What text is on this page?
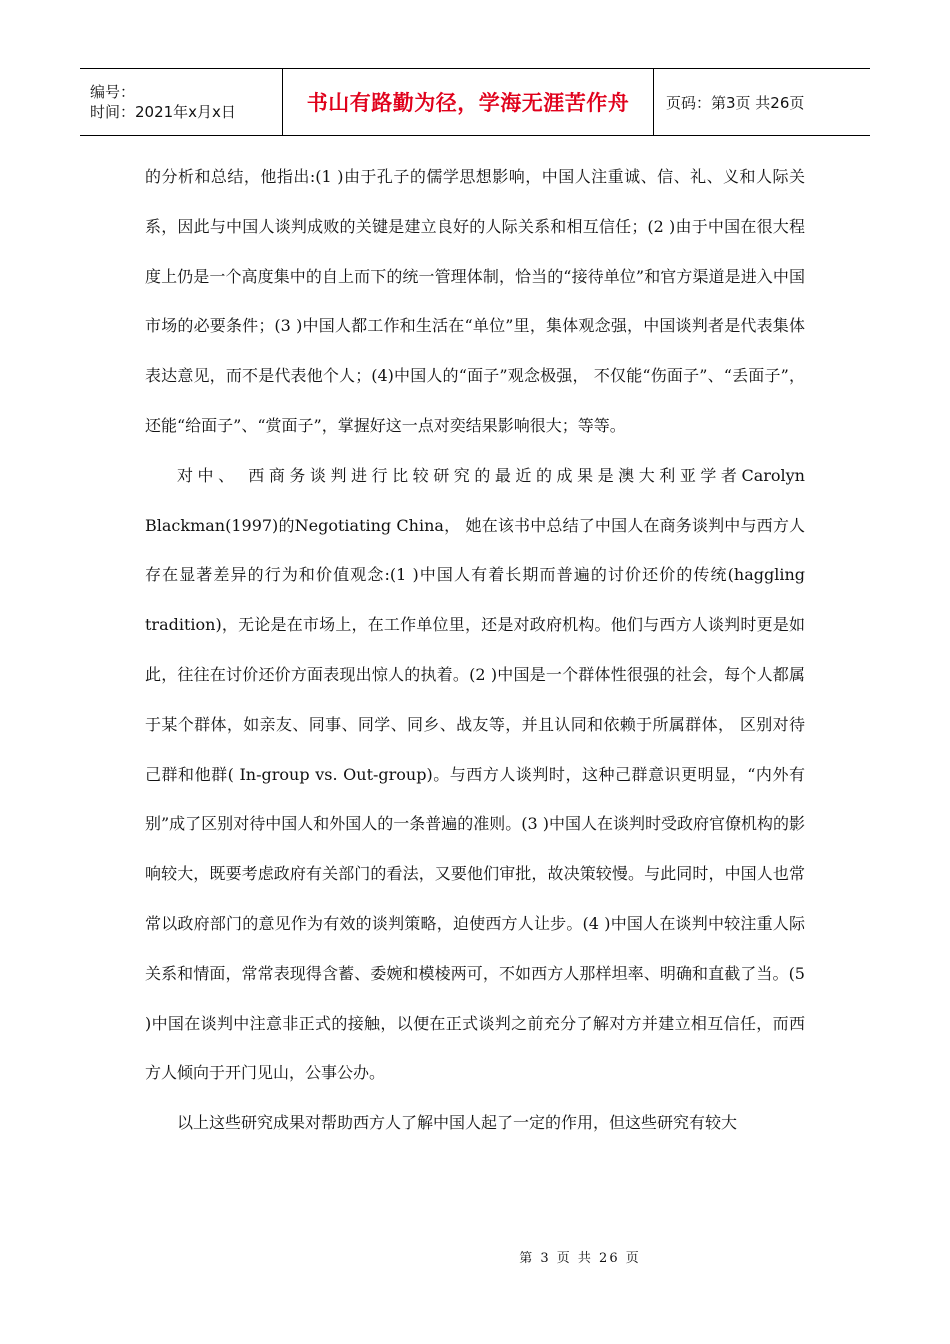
编号：
时间：2021年x月x日	书山有路勤为径，学海无涯苦作舟	页码：第3页 共26页

的分析和总结，他指出:(1 )由于孔子的儒学思想影响，中国人注重诚、信、礼、义和人际关系，因此与中国人谈判成败的关键是建立良好的人际关系和相互信任；(2 )由于中国在很大程度上仍是一个高度集中的自上而下的统一管理体制，恰当的“接待单位”和官方渠道是进入中国市场的必要条件；(3 )中国人都工作和生活在“单位”里，集体观念强，中国谈判者是代表集体表达意见，而不是代表他个人；(4)中国人的“面子”观念极强， 不仅能“伤面子”、“丢面子”，还能“给面子”、“赏面子”，掌握好这一点对奕结果影响很大；等等。

对中、 西商务谈判进行比较研究的最近的成果是澳大利亚学者Carolyn Blackman(1997)的Negotiating China， 她在该书中总结了中国人在商务谈判中与西方人存在显著差异的行为和价值观念:(1 )中国人有着长期而普遍的讨价还价的传统(haggling tradition)，无论是在市场上，在工作单位里，还是对政府机构。他们与西方人谈判时更是如此，往往在讨价还价方面表现出惊人的执着。(2 )中国是一个群体性很强的社会，每个人都属于某个群体，如亲友、同事、同学、同乡、战友等，并且认同和依赖于所属群体， 区别对待己群和他群( In-group vs. Out-group)。与西方人谈判时，这种己群意识更明显，“内外有别”成了区别对待中国人和外国人的一条普遍的准则。(3 )中国人在谈判时受政府官僚机构的影响较大，既要考虑政府有关部门的看法，又要他们审批，故决策较慢。与此同时，中国人也常常以政府部门的意见作为有效的谈判策略，迫使西方人让步。(4 )中国人在谈判中较注重人际关系和情面，常常表现得含蓄、委婉和模棱两可，不如西方人那样坦率、明确和直截了当。(5 )中国在谈判中注意非正式的接触，以便在正式谈判之前充分了解对方并建立相互信任，而西方人倾向于开门见山，公事公办。

以上这些研究成果对帮助西方人了解中国人起了一定的作用，但这些研究有较大

第 3 页 共 26 页
